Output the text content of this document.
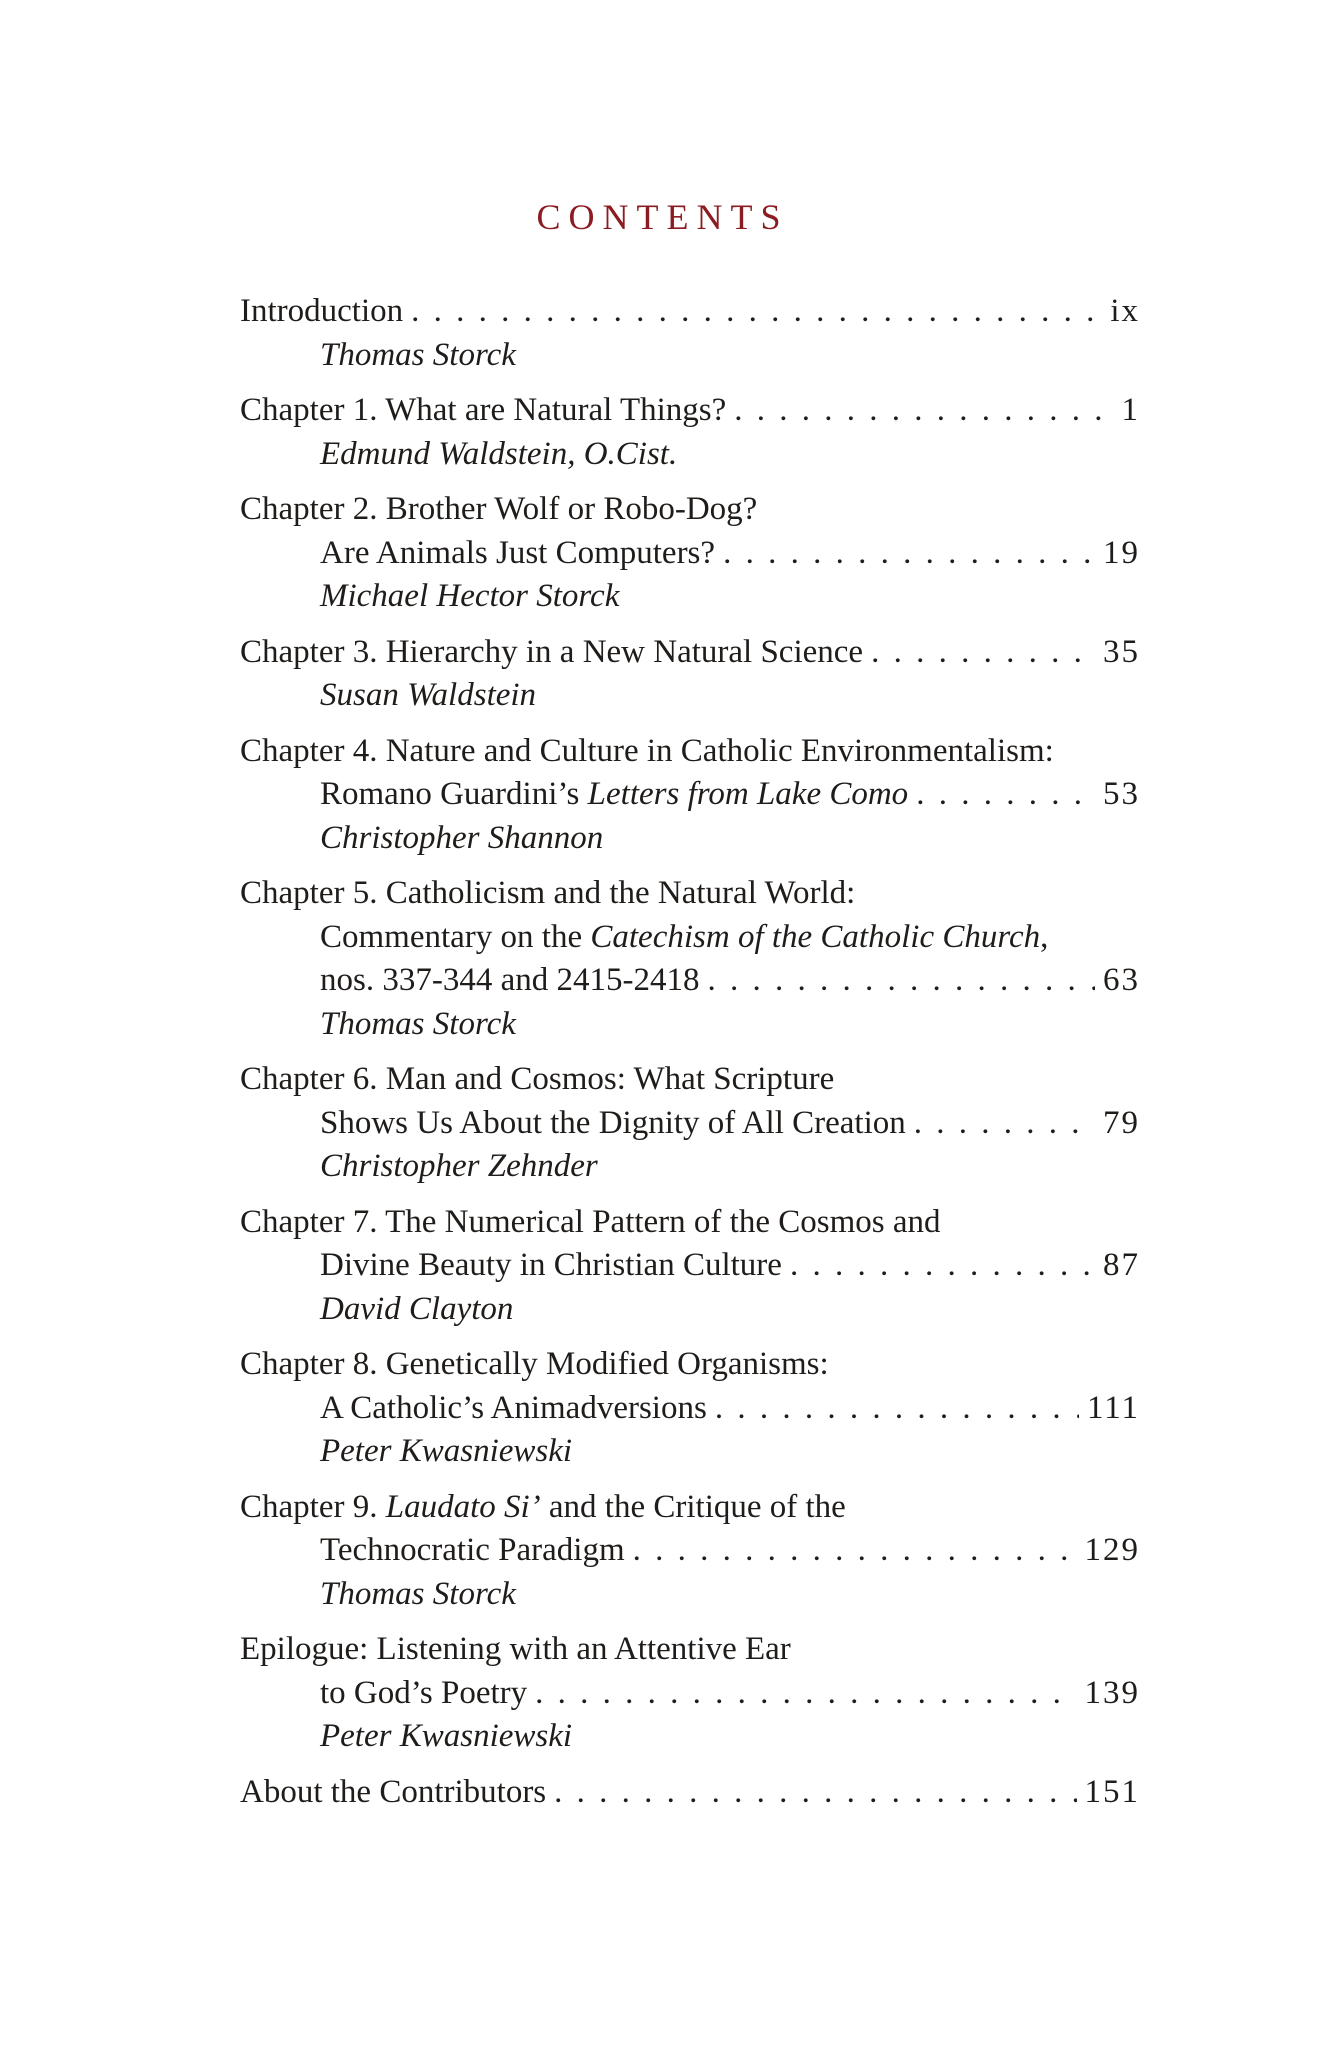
CONTENTS
Introduction . . .	ix
Thomas Storck
Chapter 1. What are Natural Things? . . .	1
Edmund Waldstein, O.Cist.
Chapter 2. Brother Wolf or Robo-Dog?
Are Animals Just Computers? . . .	19
Michael Hector Storck
Chapter 3. Hierarchy in a New Natural Science . . .	35
Susan Waldstein
Chapter 4. Nature and Culture in Catholic Environmentalism:
Romano Guardini’s Letters from Lake Como . . .	53
Christopher Shannon
Chapter 5. Catholicism and the Natural World:
Commentary on the Catechism of the Catholic Church,
nos. 337-344 and 2415-2418 . . .	63
Thomas Storck
Chapter 6. Man and Cosmos: What Scripture
Shows Us About the Dignity of All Creation . . .	79
Christopher Zehnder
Chapter 7. The Numerical Pattern of the Cosmos and
Divine Beauty in Christian Culture . . .	87
David Clayton
Chapter 8. Genetically Modified Organisms:
A Catholic’s Animadversions . . .	111
Peter Kwasniewski
Chapter 9. Laudato Si’ and the Critique of the
Technocratic Paradigm . . .	129
Thomas Storck
Epilogue: Listening with an Attentive Ear
to God’s Poetry . . .	139
Peter Kwasniewski
About the Contributors . . .	151
